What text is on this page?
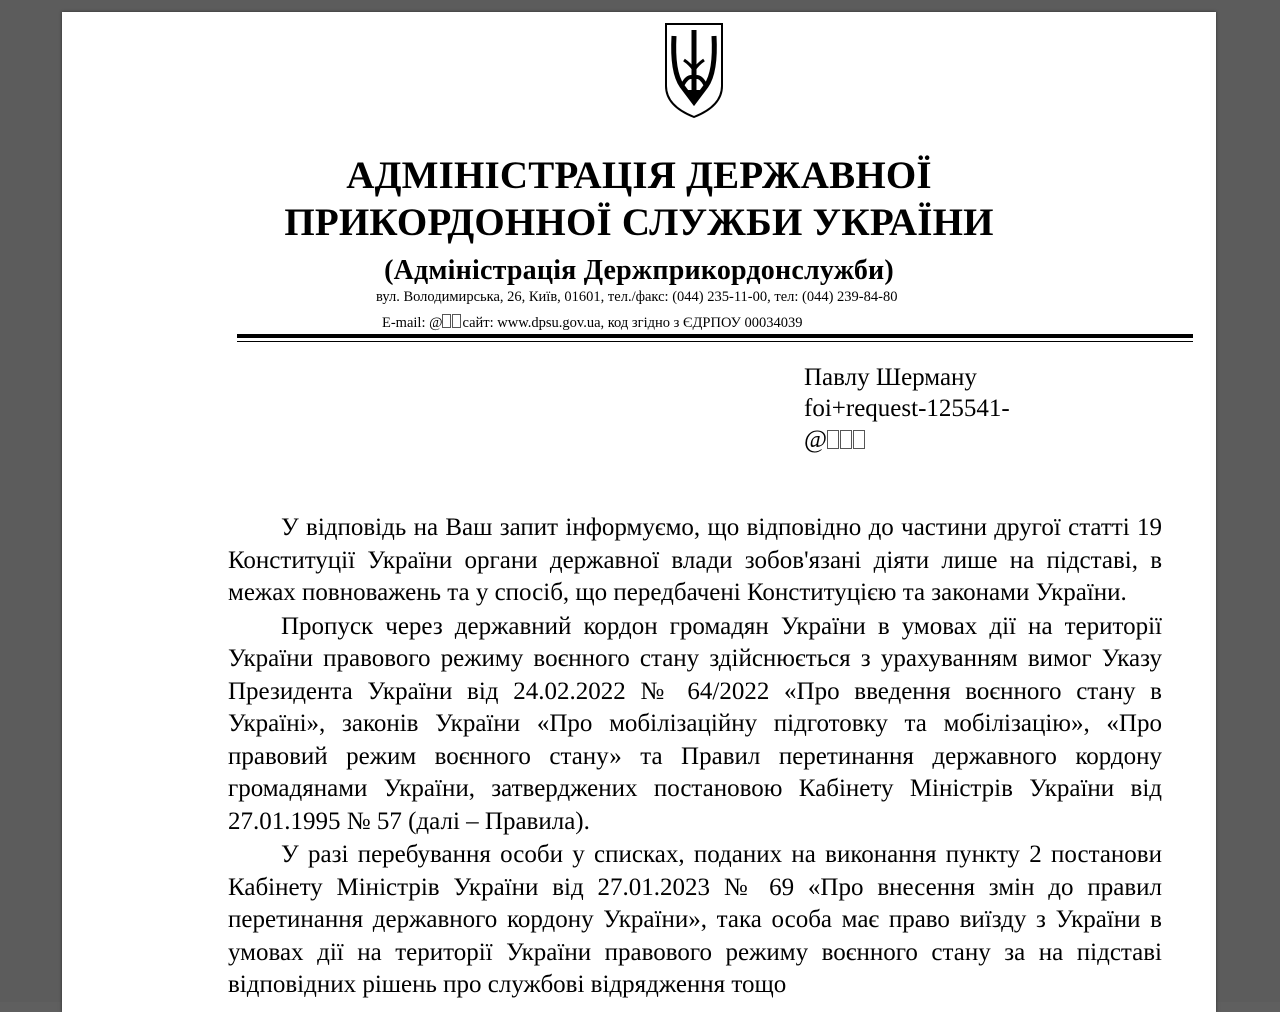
АДМІНІСТРАЦІЯ ДЕРЖАВНОЇ
ПРИКОРДОННОЇ СЛУЖБИ УКРАЇНИ
(Адміністрація Держприкордонслужби)
вул. Володимирська, 26, Київ, 01601, тел./факс: (044) 235-11-00, тел: (044) 239-84-80
E-mail: @ сайт: www.dpsu.gov.ua, код згідно з ЄДРПОУ 00034039
Павлу Шерману
foi+request-125541-
@

У відповідь на Ваш запит інформуємо, що відповідно до частини другої статті 19 Конституції України органи державної влади зобов'язані діяти лише на підставі, в межах повноважень та у спосіб, що передбачені Конституцією та законами України.

Пропуск через державний кордон громадян України в умовах дії на території України правового режиму воєнного стану здійснюється з урахуванням вимог Указу Президента України від 24.02.2022 № 64/2022 «Про введення воєнного стану в Україні», законів України «Про мобілізаційну підготовку та мобілізацію», «Про правовий режим воєнного стану» та Правил перетинання державного кордону громадянами України, затверджених постановою Кабінету Міністрів України від 27.01.1995 № 57 (далі – Правила).

У разі перебування особи у списках, поданих на виконання пункту 2 постанови Кабінету Міністрів України від 27.01.2023 № 69 «Про внесення змін до правил перетинання державного кордону України», така особа має право виїзду з України в умовах дії на території України правового режиму воєнного стану за на підставі відповідних рішень про службові відрядження тощо
